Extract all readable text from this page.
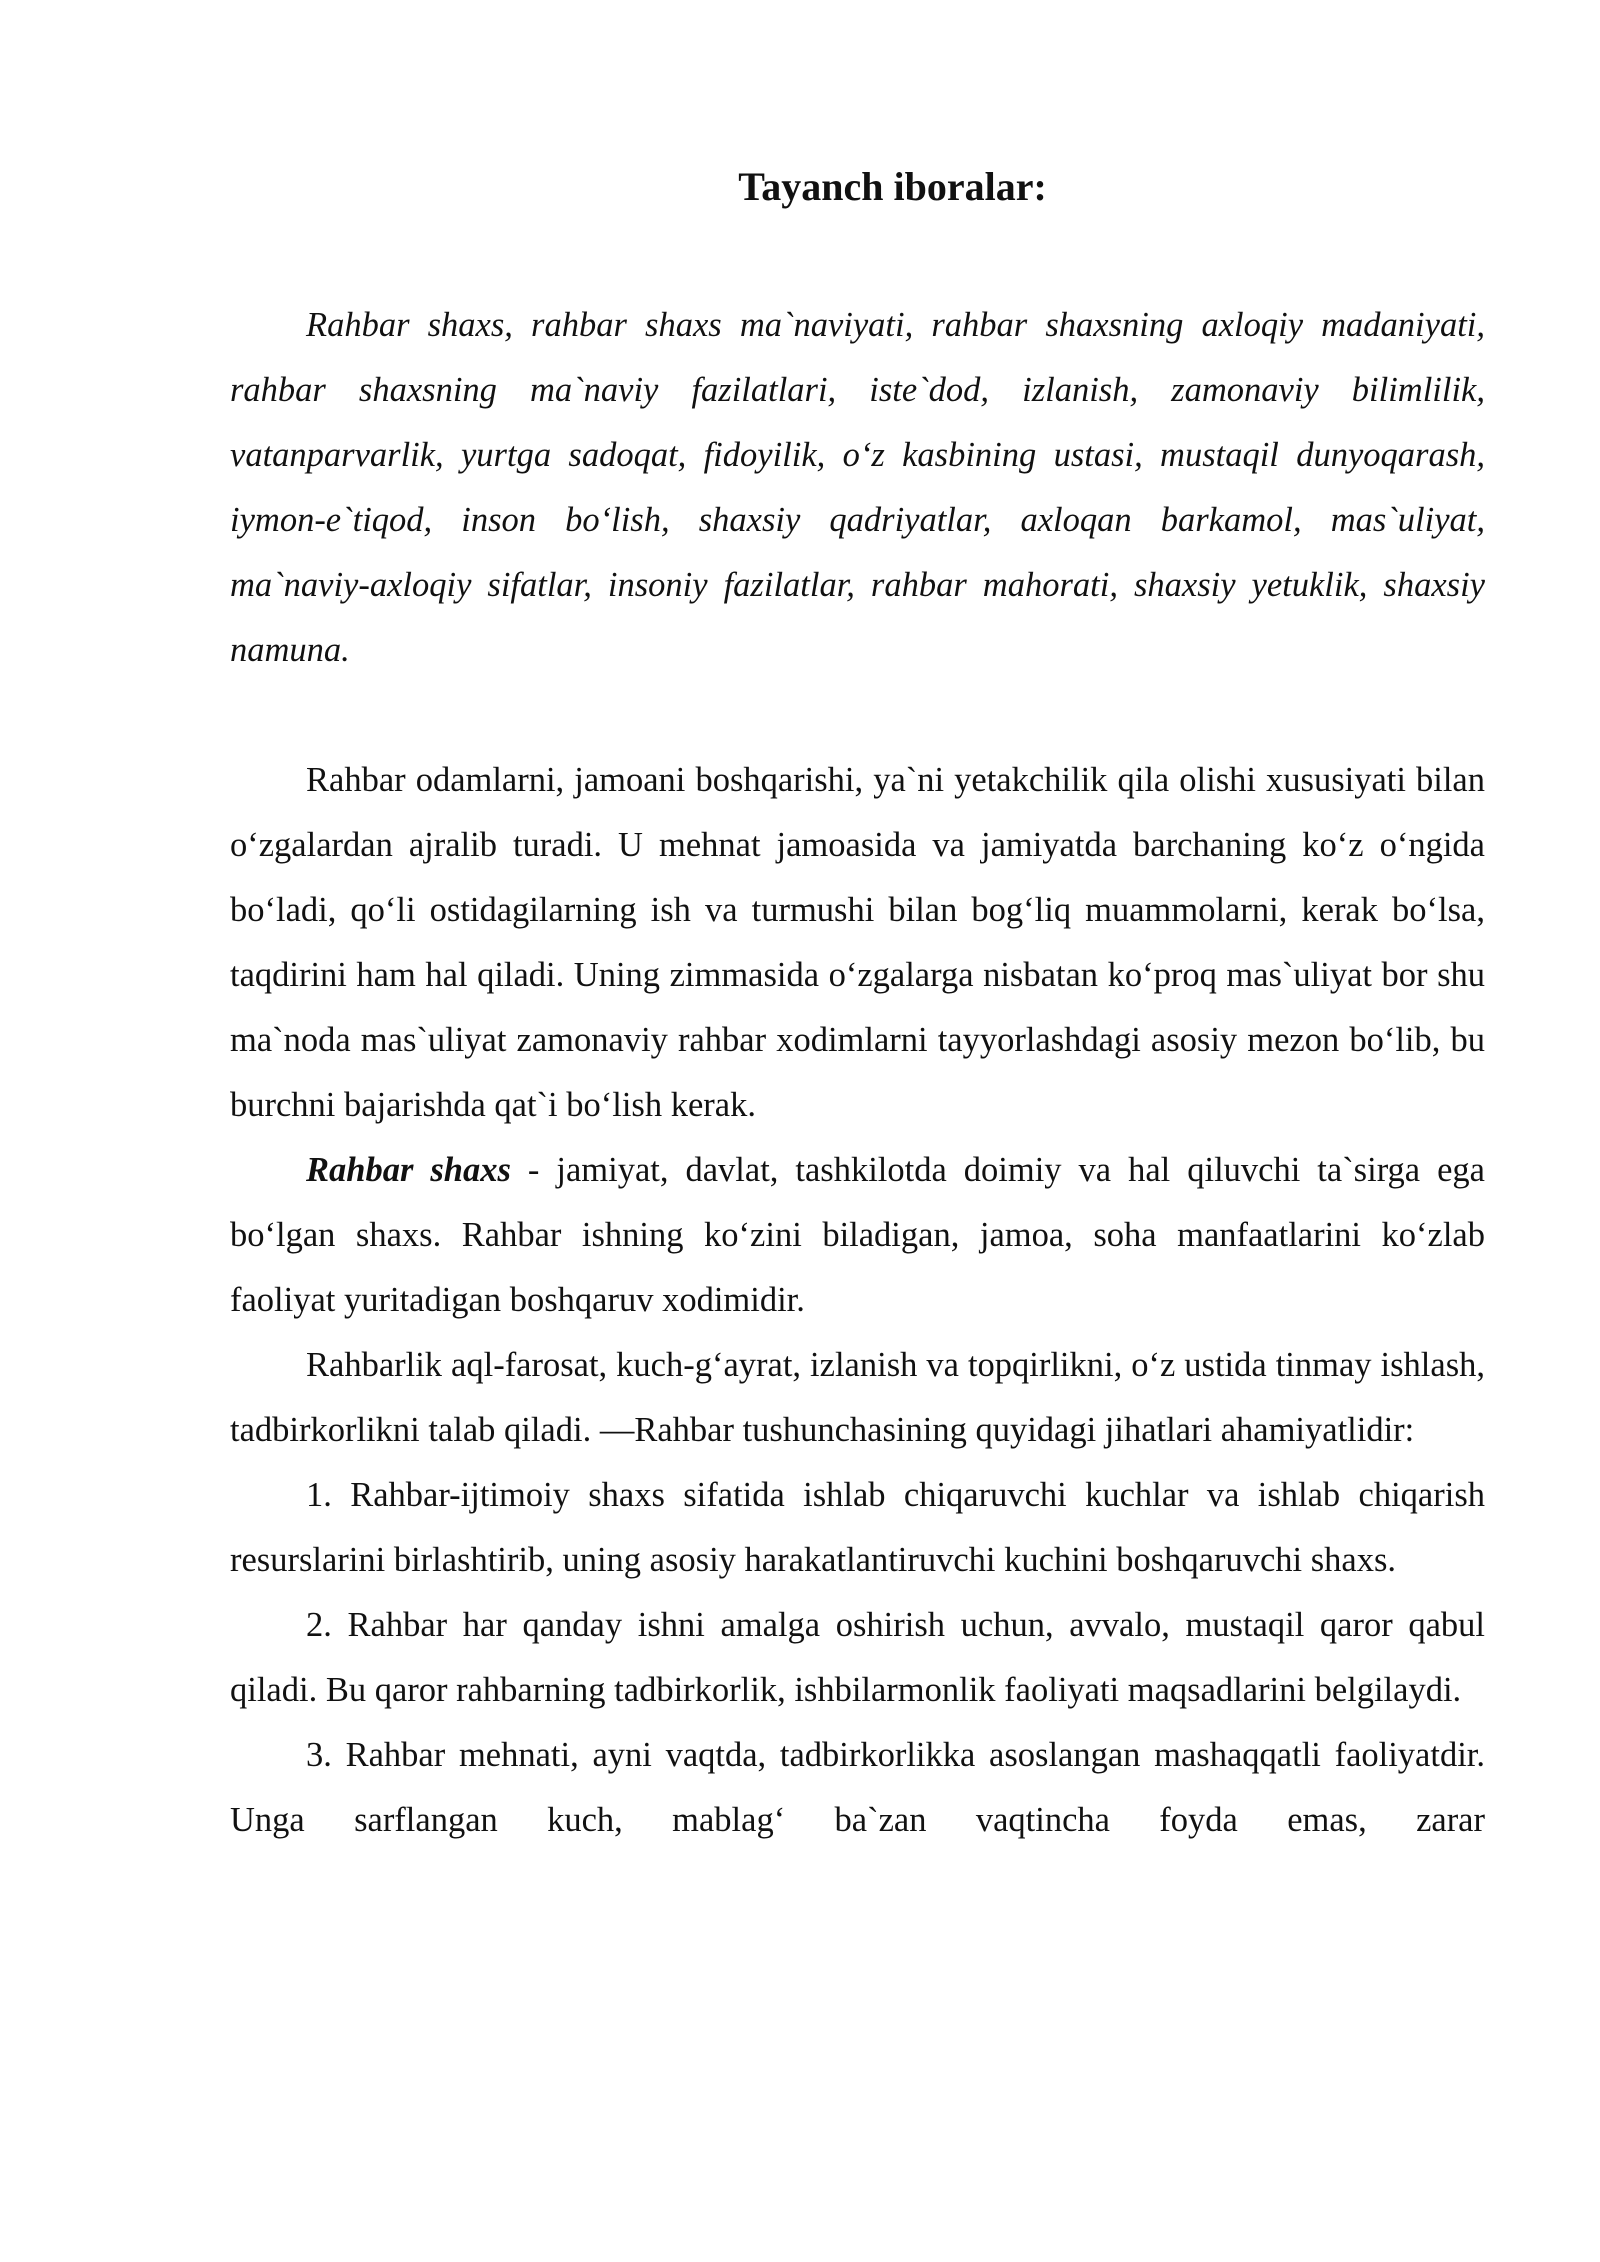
Tayanch iboralar:

Rahbar shaxs, rahbar shaxs ma`naviyati, rahbar shaxsning axloqiy madaniyati, rahbar shaxsning ma`naviy fazilatlari, iste`dod, izlanish, zamonaviy bilimlilik, vatanparvarlik, yurtga sadoqat, fidoyilik, o‘z kasbining ustasi, mustaqil dunyoqarash, iymon-e`tiqod, inson bo‘lish, shaxsiy qadriyatlar, axloqan barkamol, mas`uliyat, ma`naviy-axloqiy sifatlar, insoniy fazilatlar, rahbar mahorati, shaxsiy yetuklik, shaxsiy namuna.

Rahbar odamlarni, jamoani boshqarishi, ya`ni yetakchilik qila olishi xususiyati bilan o‘zgalardan ajralib turadi. U mehnat jamoasida va jamiyatda barchaning ko‘z o‘ngida bo‘ladi, qo‘li ostidagilarning ish va turmushi bilan bog‘liq muammolarni, kerak bo‘lsa, taqdirini ham hal qiladi. Uning zimmasida o‘zgalarga nisbatan ko‘proq mas`uliyat bor shu ma`noda mas`uliyat zamonaviy rahbar xodimlarni tayyorlashdagi asosiy mezon bo‘lib, bu burchni bajarishda qat`i bo‘lish kerak.

Rahbar shaxs - jamiyat, davlat, tashkilotda doimiy va hal qiluvchi ta`sirga ega bo‘lgan shaxs. Rahbar ishning ko‘zini biladigan, jamoa, soha manfaatlarini ko‘zlab faoliyat yuritadigan boshqaruv xodimidir.

Rahbarlik aql-farosat, kuch-g‘ayrat, izlanish va topqirlikni, o‘z ustida tinmay ishlash, tadbirkorlikni talab qiladi. ―Rahbar tushunchasining quyidagi jihatlari ahamiyatlidir:

1. Rahbar-ijtimoiy shaxs sifatida ishlab chiqaruvchi kuchlar va ishlab chiqarish resurslarini birlashtirib, uning asosiy harakatlantiruvchi kuchini boshqaruvchi shaxs.

2. Rahbar har qanday ishni amalga oshirish uchun, avvalo, mustaqil qaror qabul qiladi. Bu qaror rahbarning tadbirkorlik, ishbilarmonlik faoliyati maqsadlarini belgilaydi.

3. Rahbar mehnati, ayni vaqtda, tadbirkorlikka asoslangan mashaqqatli faoliyatdir. Unga sarflangan kuch, mablag‘ ba`zan vaqtincha foyda emas, zarar
